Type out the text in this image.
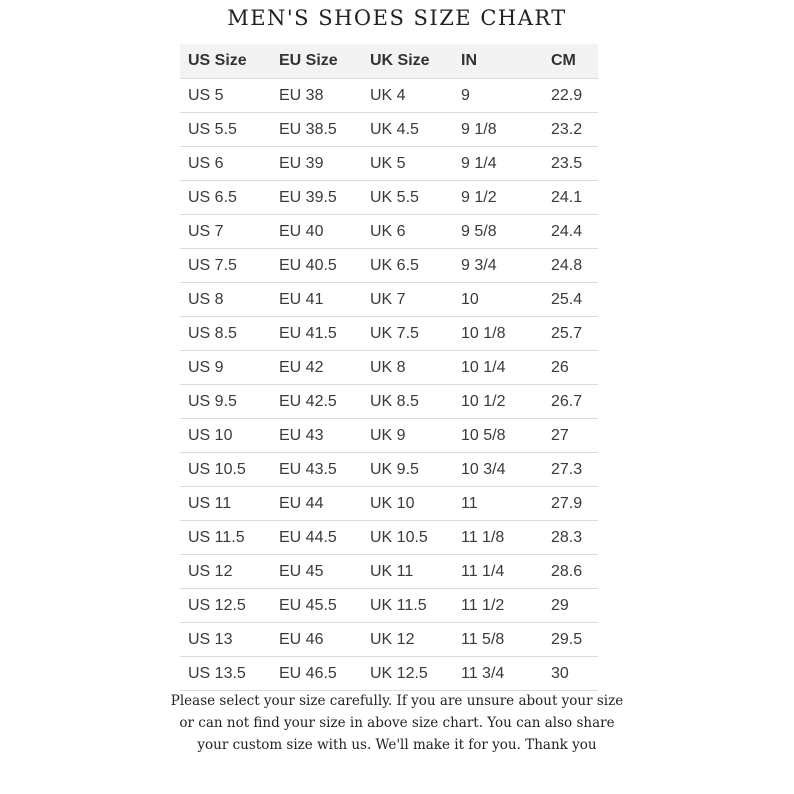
MEN'S SHOES SIZE CHART
US Size	EU Size	UK Size	IN	CM
US 5	EU 38	UK 4	9	22.9
US 5.5	EU 38.5	UK 4.5	9 1/8	23.2
US 6	EU 39	UK 5	9 1/4	23.5
US 6.5	EU 39.5	UK 5.5	9 1/2	24.1
US 7	EU 40	UK 6	9 5/8	24.4
US 7.5	EU 40.5	UK 6.5	9 3/4	24.8
US 8	EU 41	UK 7	10	25.4
US 8.5	EU 41.5	UK 7.5	10 1/8	25.7
US 9	EU 42	UK 8	10 1/4	26
US 9.5	EU 42.5	UK 8.5	10 1/2	26.7
US 10	EU 43	UK 9	10 5/8	27
US 10.5	EU 43.5	UK 9.5	10 3/4	27.3
US 11	EU 44	UK 10	11	27.9
US 11.5	EU 44.5	UK 10.5	11 1/8	28.3
US 12	EU 45	UK 11	11 1/4	28.6
US 12.5	EU 45.5	UK 11.5	11 1/2	29
US 13	EU 46	UK 12	11 5/8	29.5
US 13.5	EU 46.5	UK 12.5	11 3/4	30
Please select your size carefully. If you are unsure about your size
or can not find your size in above size chart. You can also share
your custom size with us. We'll make it for you. Thank you
